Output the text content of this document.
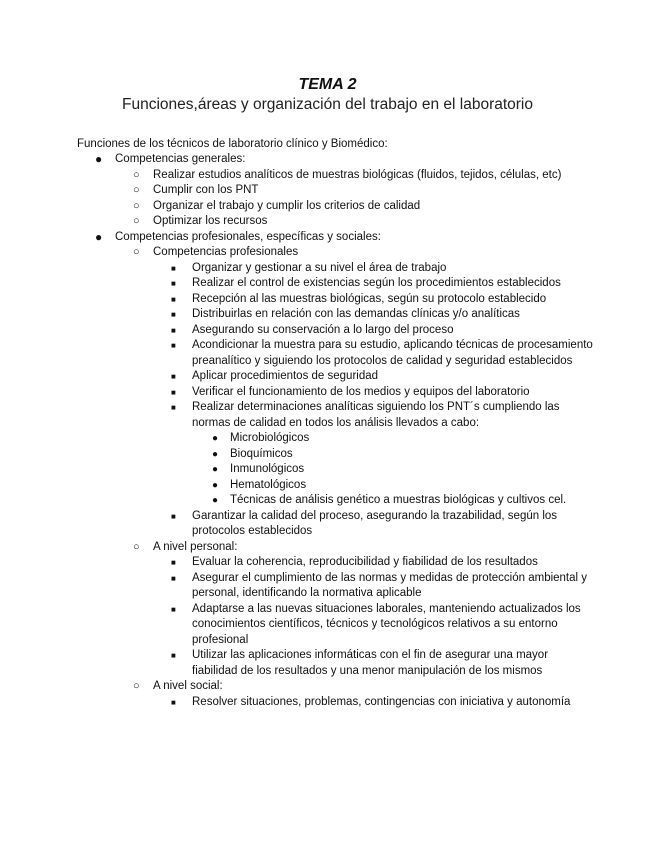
TEMA 2
Funciones,áreas y organización del trabajo en el laboratorio
Funciones de los técnicos de laboratorio clínico y Biomédico:
● Competencias generales:
○ Realizar estudios analíticos de muestras biológicas (fluidos, tejidos, células, etc)
○ Cumplir con los PNT
○ Organizar el trabajo y cumplir los criterios de calidad
○ Optimizar los recursos
● Competencias profesionales, específicas y sociales:
○ Competencias profesionales
■ Organizar y gestionar a su nivel el área de trabajo
■ Realizar el control de existencias según los procedimientos establecidos
■ Recepción al las muestras biológicas, según su protocolo establecido
■ Distribuirlas en relación con las demandas clínicas y/o analíticas
■ Asegurando su conservación a lo largo del proceso
■ Acondicionar la muestra para su estudio, aplicando técnicas de procesamiento preanalítico y siguiendo los protocolos de calidad y seguridad establecidos
■ Aplicar procedimientos de seguridad
■ Verificar el funcionamiento de los medios y equipos del laboratorio
■ Realizar determinaciones analíticas siguiendo los PNT´s cumpliendo las normas de calidad en todos los análisis llevados a cabo:
● Microbiológicos
● Bioquímicos
● Inmunológicos
● Hematológicos
● Técnicas de análisis genético a muestras biológicas y cultivos cel.
■ Garantizar la calidad del proceso, asegurando la trazabilidad, según los protocolos establecidos
○ A nivel personal:
■ Evaluar la coherencia, reproducibilidad y fiabilidad de los resultados
■ Asegurar el cumplimiento de las normas y medidas de protección ambiental y personal, identificando la normativa aplicable
■ Adaptarse a las nuevas situaciones laborales, manteniendo actualizados los conocimientos científicos, técnicos y tecnológicos relativos a su entorno profesional
■ Utilizar las aplicaciones informáticas con el fin de asegurar una mayor fiabilidad de los resultados y una menor manipulación de los mismos
○ A nivel social:
■ Resolver situaciones, problemas, contingencias con iniciativa y autonomía
